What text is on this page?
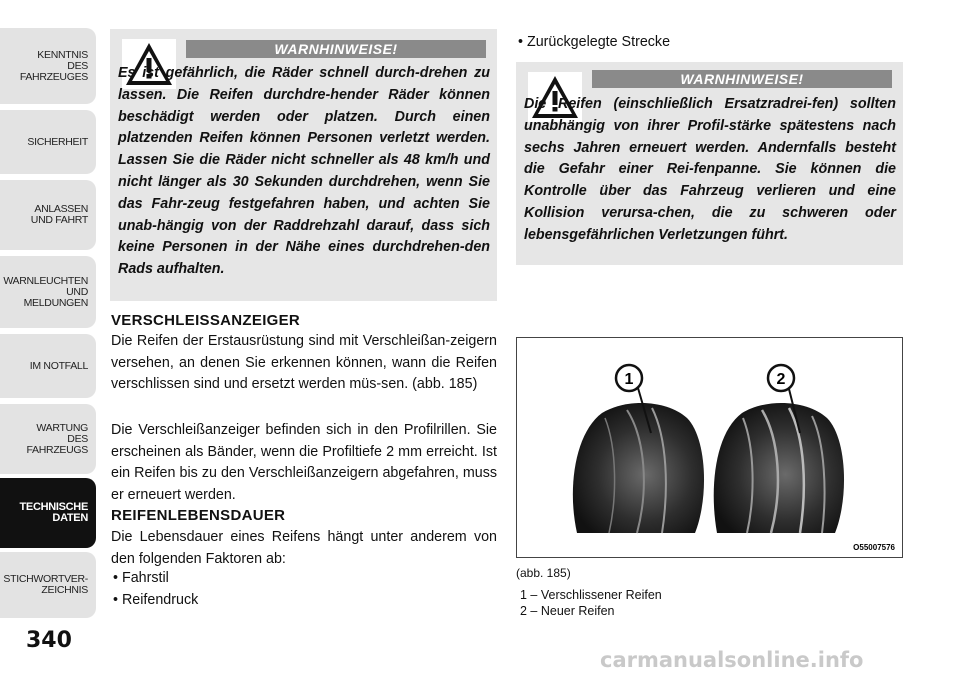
KENNTNIS
DES
FAHRZEUGES
SICHERHEIT
ANLASSEN
UND FAHRT
WARNLEUCHTEN
UND
MELDUNGEN
IM NOTFALL
WARTUNG
DES
FAHRZEUGS
TECHNISCHE
DATEN
STICHWORTVER-
ZEICHNIS
340
WARNHINWEISE!
Es ist gefährlich, die Räder schnell durch-drehen zu lassen. Die Reifen durchdre-hender Räder können beschädigt werden oder platzen. Durch einen platzenden Reifen können Personen verletzt werden. Lassen Sie die Räder nicht schneller als 48 km/h und nicht länger als 30 Sekunden durchdrehen, wenn Sie das Fahr-zeug festgefahren haben, und achten Sie unab-hängig von der Raddrehzahl darauf, dass sich keine Personen in der Nähe eines durchdrehen-den Rads aufhalten.
VERSCHLEISSANZEIGER
Die Reifen der Erstausrüstung sind mit Verschleißan-zeigern versehen, an denen Sie erkennen können, wann die Reifen verschlissen sind und ersetzt werden müs-sen. (abb. 185)
Die Verschleißanzeiger befinden sich in den Profilrillen. Sie erscheinen als Bänder, wenn die Profiltiefe 2 mm erreicht. Ist ein Reifen bis zu den Verschleißanzeigern abgefahren, muss er erneuert werden.
REIFENLEBENSDAUER
Die Lebensdauer eines Reifens hängt unter anderem von den folgenden Faktoren ab:
• Fahrstil
• Reifendruck
• Zurückgelegte Strecke
WARNHINWEISE!
Die Reifen (einschließlich Ersatzradrei-fen) sollten unabhängig von ihrer Profil-stärke spätestens nach sechs Jahren erneuert werden. Andernfalls besteht die Gefahr einer Rei-fenpanne. Sie können die Kontrolle über das Fahrzeug verlieren und eine Kollision verursa-chen, die zu schweren oder lebensgefährlichen Verletzungen führt.
1	2
O55007576
(abb. 185)
1 – Verschlissener Reifen
2 – Neuer Reifen
carmanualsonline.info
